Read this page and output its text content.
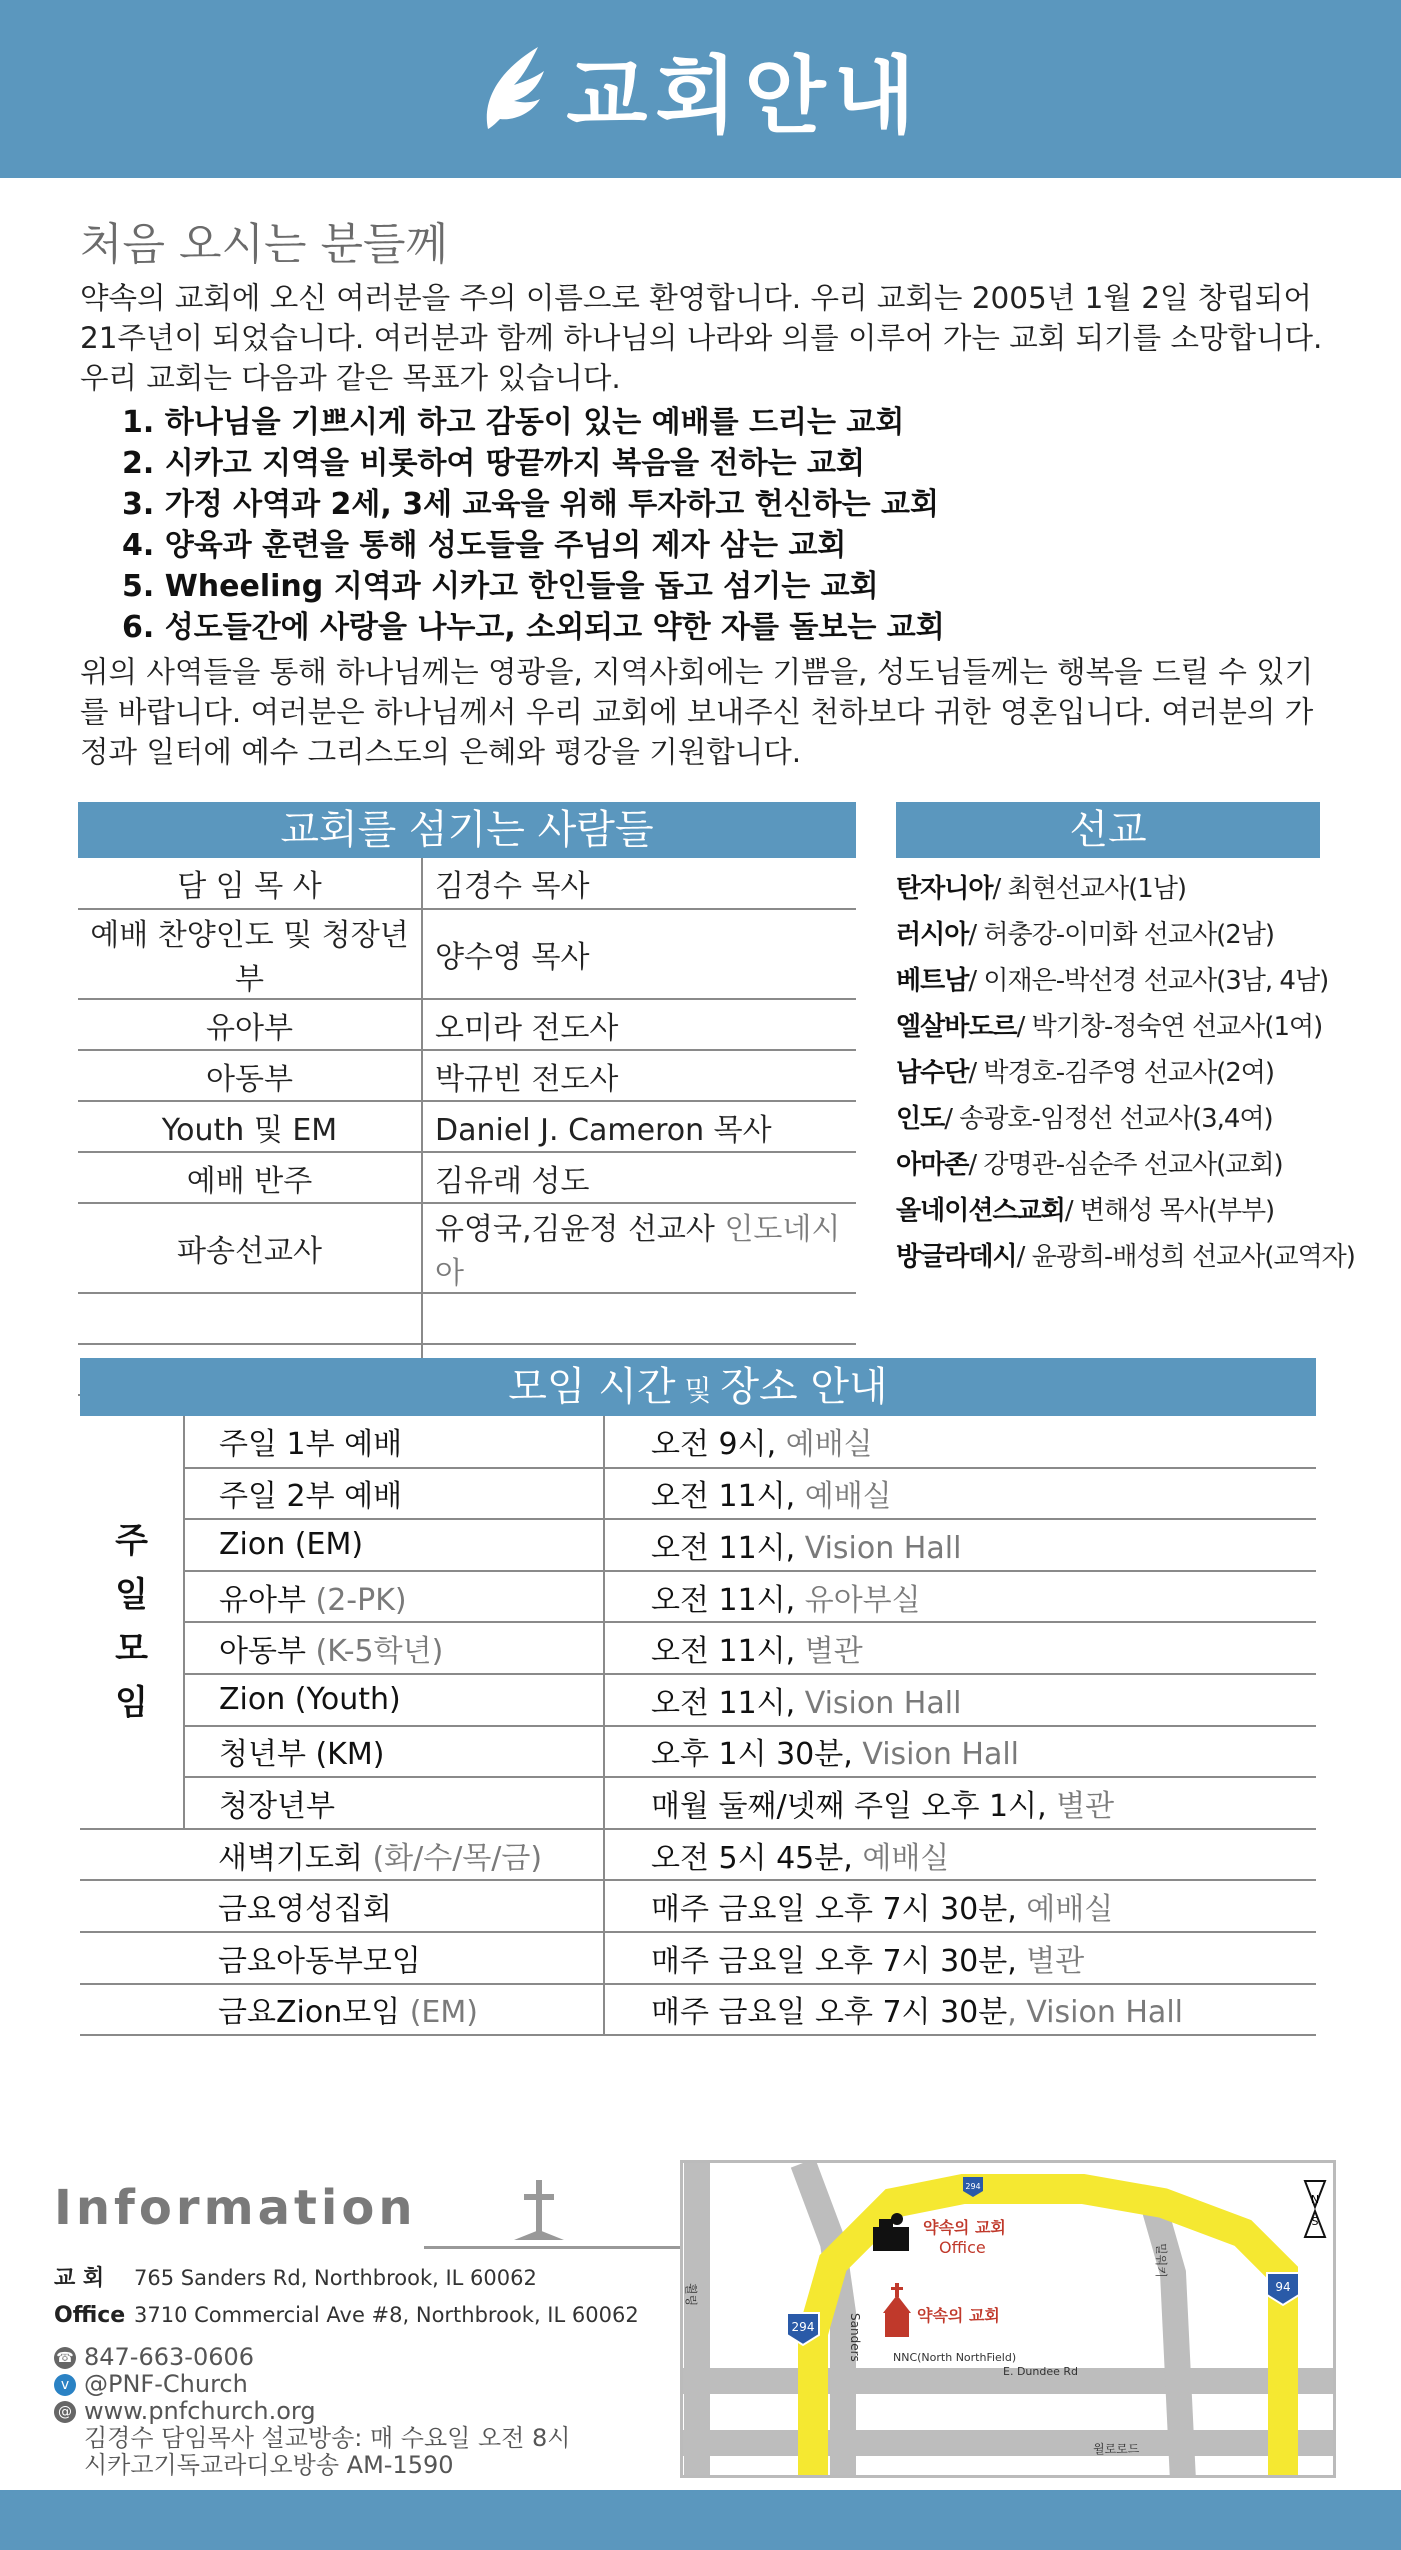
교회안내
처음 오시는 분들께

약속의 교회에 오신 여러분을 주의 이름으로 환영합니다. 우리 교회는 2005년 1월 2일 창립되어 21주년이 되었습니다. 여러분과 함께 하나님의 나라와 의를 이루어 가는 교회 되기를 소망합니다. 우리 교회는 다음과 같은 목표가 있습니다.

1. 하나님을 기쁘시게 하고 감동이 있는 예배를 드리는 교회
2. 시카고 지역을 비롯하여 땅끝까지 복음을 전하는 교회
3. 가정 사역과 2세, 3세 교육을 위해 투자하고 헌신하는 교회
4. 양육과 훈련을 통해 성도들을 주님의 제자 삼는 교회
5. Wheeling 지역과 시카고 한인들을 돕고 섬기는 교회
6. 성도들간에 사랑을 나누고, 소외되고 약한 자를 돌보는 교회

위의 사역들을 통해 하나님께는 영광을, 지역사회에는 기쁨을, 성도님들께는 행복을 드릴 수 있기를 바랍니다. 여러분은 하나님께서 우리 교회에 보내주신 천하보다 귀한 영혼입니다. 여러분의 가정과 일터에 예수 그리스도의 은혜와 평강을 기원합니다.

교회를 섬기는 사람들
담 임 목 사	김경수 목사
예배 찬양인도 및 청장년부	양수영 목사
유아부	오미라 전도사
아동부	박규빈 전도사
Youth 및 EM	Daniel J. Cameron 목사
예배 반주	김유래 성도
파송선교사	유영국,김윤정 선교사 인도네시아

선교
탄자니아/ 최현선교사(1남)
러시아/ 허충강-이미화 선교사(2남)
베트남/ 이재은-박선경 선교사(3남, 4남)
엘살바도르/ 박기창-정숙연 선교사(1여)
남수단/ 박경호-김주영 선교사(2여)
인도/ 송광호-임정선 선교사(3,4여)
아마존/ 강명관-심순주 선교사(교회)
올네이션스교회/ 변해성 목사(부부)
방글라데시/ 윤광희-배성희 선교사(교역자)
모임 시간 및 장소 안내
주
일
모
임	주일 1부 예배	오전 9시, 예배실
	주일 2부 예배	오전 11시, 예배실
	Zion (EM)	오전 11시, Vision Hall
	유아부 (2-PK)	오전 11시, 유아부실
	아동부 (K-5학년)	오전 11시, 별관
	Zion (Youth)	오전 11시, Vision Hall
	청년부 (KM)	오후 1시 30분, Vision Hall
	청장년부	매월 둘째/넷째 주일 오후 1시, 별관
	새벽기도회 (화/수/목/금)	오전 5시 45분, 예배실
	금요영성집회	매주 금요일 오후 7시 30분, 예배실
	금요아동부모임	매주 금요일 오후 7시 30분, 별관
	금요Zion모임 (EM)	매주 금요일 오후 7시 30분, Vision Hall
Information
교 회 765 Sanders Rd, Northbrook, IL 60062
Office 3710 Commercial Ave #8, Northbrook, IL 60062
☎ 847-663-0606
v @PNF-Church
@ www.pnfchurch.org
김경수 담임목사 설교방송: 매 수요일 오전 8시
시카고기독교라디오방송 AM-1590
294
94
294
약속의 교회
Office
약속의 교회
NNC(North NorthField)
E. Dundee Rd
윌로로드
휠링
Sanders
밀워키
N
S
